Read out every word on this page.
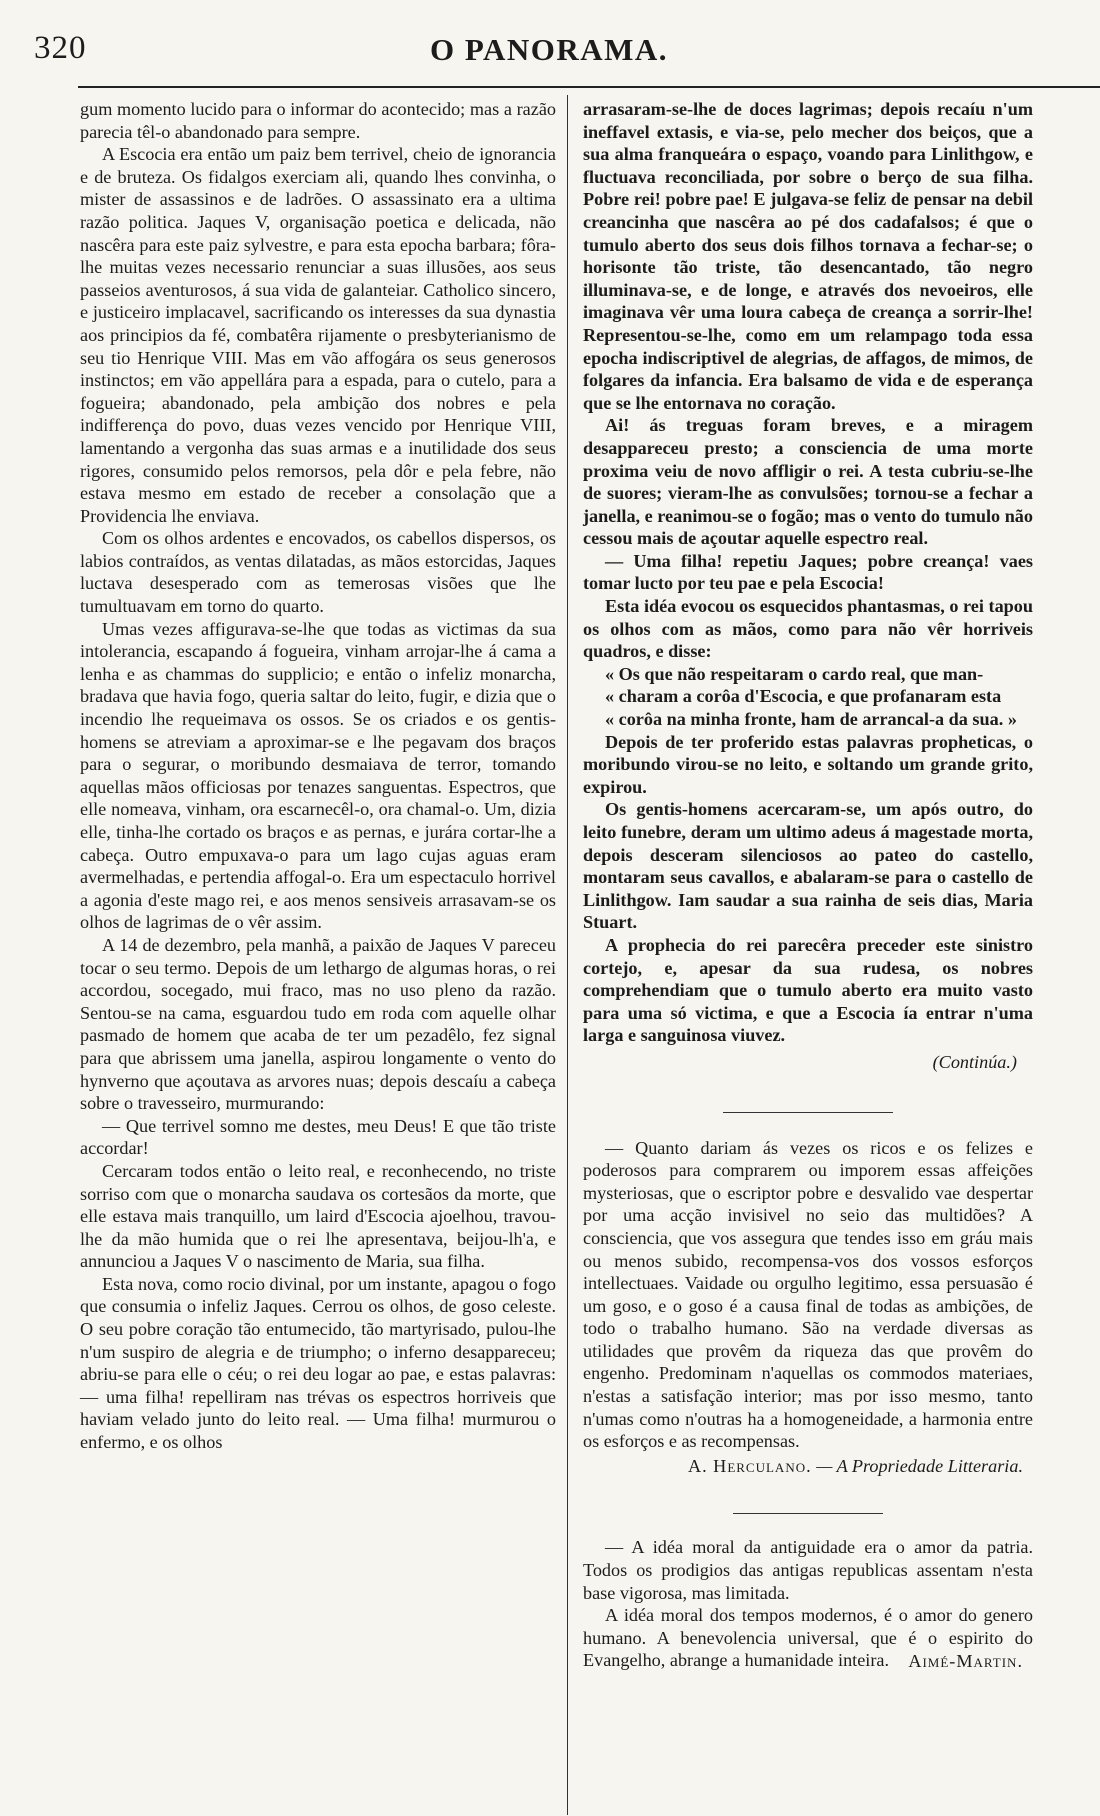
320	O PANORAMA.

gum momento lucido para o informar do acontecido; mas a razão parecia têl-o abandonado para sempre.

A Escocia era então um paiz bem terrivel, cheio de ignorancia e de bruteza. Os fidalgos exerciam ali, quando lhes convinha, o mister de assassinos e de ladrões. O assassinato era a ultima razão politica. Jaques V, organisação poetica e delicada, não nascêra para este paiz sylvestre, e para esta epocha barbara; fôra-lhe muitas vezes necessario renunciar a suas illusões, aos seus passeios aventurosos, á sua vida de galanteiar. Catholico sincero, e justiceiro implacavel, sacrificando os interesses da sua dynastia aos principios da fé, combatêra rijamente o presbyterianismo de seu tio Henrique VIII. Mas em vão affogára os seus generosos instinctos; em vão appellára para a espada, para o cutelo, para a fogueira; abandonado, pela ambição dos nobres e pela indifferença do povo, duas vezes vencido por Henrique VIII, lamentando a vergonha das suas armas e a inutilidade dos seus rigores, consumido pelos remorsos, pela dôr e pela febre, não estava mesmo em estado de receber a consolação que a Providencia lhe enviava.

Com os olhos ardentes e encovados, os cabellos dispersos, os labios contraídos, as ventas dilatadas, as mãos estorcidas, Jaques luctava desesperado com as temerosas visões que lhe tumultuavam em torno do quarto.

Umas vezes affigurava-se-lhe que todas as victimas da sua intolerancia, escapando á fogueira, vinham arrojar-lhe á cama a lenha e as chammas do supplicio; e então o infeliz monarcha, bradava que havia fogo, queria saltar do leito, fugir, e dizia que o incendio lhe requeimava os ossos. Se os criados e os gentis-homens se atreviam a aproximar-se e lhe pegavam dos braços para o segurar, o moribundo desmaiava de terror, tomando aquellas mãos officiosas por tenazes sanguentas. Espectros, que elle nomeava, vinham, ora escarnecêl-o, ora chamal-o. Um, dizia elle, tinha-lhe cortado os braços e as pernas, e jurára cortar-lhe a cabeça. Outro empuxava-o para um lago cujas aguas eram avermelhadas, e pertendia affogal-o. Era um espectaculo horrivel a agonia d'este mago rei, e aos menos sensiveis arrasavam-se os olhos de lagrimas de o vêr assim.

A 14 de dezembro, pela manhã, a paixão de Jaques V pareceu tocar o seu termo. Depois de um lethargo de algumas horas, o rei accordou, socegado, mui fraco, mas no uso pleno da razão. Sentou-se na cama, esguardou tudo em roda com aquelle olhar pasmado de homem que acaba de ter um pezadêlo, fez signal para que abrissem uma janella, aspirou longamente o vento do hynverno que açoutava as arvores nuas; depois descaíu a cabeça sobre o travesseiro, murmurando:

— Que terrivel somno me destes, meu Deus! E que tão triste accordar!

Cercaram todos então o leito real, e reconhecendo, no triste sorriso com que o monarcha saudava os cortesãos da morte, que elle estava mais tranquillo, um laird d'Escocia ajoelhou, travou-lhe da mão humida que o rei lhe apresentava, beijou-lh'a, e annunciou a Jaques V o nascimento de Maria, sua filha.

Esta nova, como rocio divinal, por um instante, apagou o fogo que consumia o infeliz Jaques. Cerrou os olhos, de goso celeste. O seu pobre coração tão entumecido, tão martyrisado, pulou-lhe n'um suspiro de alegria e de triumpho; o inferno desappareceu; abriu-se para elle o céu; o rei deu logar ao pae, e estas palavras: — uma filha! repelliram nas trévas os espectros horriveis que haviam velado junto do leito real. — Uma filha! murmurou o enfermo, e os olhos

arrasaram-se-lhe de doces lagrimas; depois recaíu n'um ineffavel extasis, e via-se, pelo mecher dos beiços, que a sua alma franqueára o espaço, voando para Linlithgow, e fluctuava reconciliada, por sobre o berço de sua filha. Pobre rei! pobre pae! E julgava-se feliz de pensar na debil creancinha que nascêra ao pé dos cadafalsos; é que o tumulo aberto dos seus dois filhos tornava a fechar-se; o horisonte tão triste, tão desencantado, tão negro illuminava-se, e de longe, e através dos nevoeiros, elle imaginava vêr uma loura cabeça de creança a sorrir-lhe! Representou-se-lhe, como em um relampago toda essa epocha indiscriptivel de alegrias, de affagos, de mimos, de folgares da infancia. Era balsamo de vida e de esperança que se lhe entornava no coração.

Ai! ás treguas foram breves, e a miragem desappareceu presto; a consciencia de uma morte proxima veiu de novo affligir o rei. A testa cubriu-se-lhe de suores; vieram-lhe as convulsões; tornou-se a fechar a janella, e reanimou-se o fogão; mas o vento do tumulo não cessou mais de açoutar aquelle espectro real.

— Uma filha! repetiu Jaques; pobre creança! vaes tomar lucto por teu pae e pela Escocia!

Esta idéa evocou os esquecidos phantasmas, o rei tapou os olhos com as mãos, como para não vêr horriveis quadros, e disse:

« Os que não respeitaram o cardo real, que man-

« charam a corôa d'Escocia, e que profanaram esta

« corôa na minha fronte, ham de arrancal-a da sua. »

Depois de ter proferido estas palavras propheticas, o moribundo virou-se no leito, e soltando um grande grito, expirou.

Os gentis-homens acercaram-se, um após outro, do leito funebre, deram um ultimo adeus á magestade morta, depois desceram silenciosos ao pateo do castello, montaram seus cavallos, e abalaram-se para o castello de Linlithgow. Iam saudar a sua rainha de seis dias, Maria Stuart.

A prophecia do rei parecêra preceder este sinistro cortejo, e, apesar da sua rudesa, os nobres comprehendiam que o tumulo aberto era muito vasto para uma só victima, e que a Escocia ía entrar n'uma larga e sanguinosa viuvez.

(Continúa.)

— Quanto dariam ás vezes os ricos e os felizes e poderosos para comprarem ou imporem essas affeições mysteriosas, que o escriptor pobre e desvalido vae despertar por uma acção invisivel no seio das multidões? A consciencia, que vos assegura que tendes isso em gráu mais ou menos subido, recompensa-vos dos vossos esforços intellectuaes. Vaidade ou orgulho legitimo, essa persuasão é um goso, e o goso é a causa final de todas as ambições, de todo o trabalho humano. São na verdade diversas as utilidades que provêm da riqueza das que provêm do engenho. Predominam n'aquellas os commodos materiaes, n'estas a satisfação interior; mas por isso mesmo, tanto n'umas como n'outras ha a homogeneidade, a harmonia entre os esforços e as recompensas.

A. Herculano. — A Propriedade Litteraria.

— A idéa moral da antiguidade era o amor da patria. Todos os prodigios das antigas republicas assentam n'esta base vigorosa, mas limitada.

A idéa moral dos tempos modernos, é o amor do genero humano. A benevolencia universal, que é o espirito do Evangelho, abrange a humanidade inteira.	Aimé-Martin.
